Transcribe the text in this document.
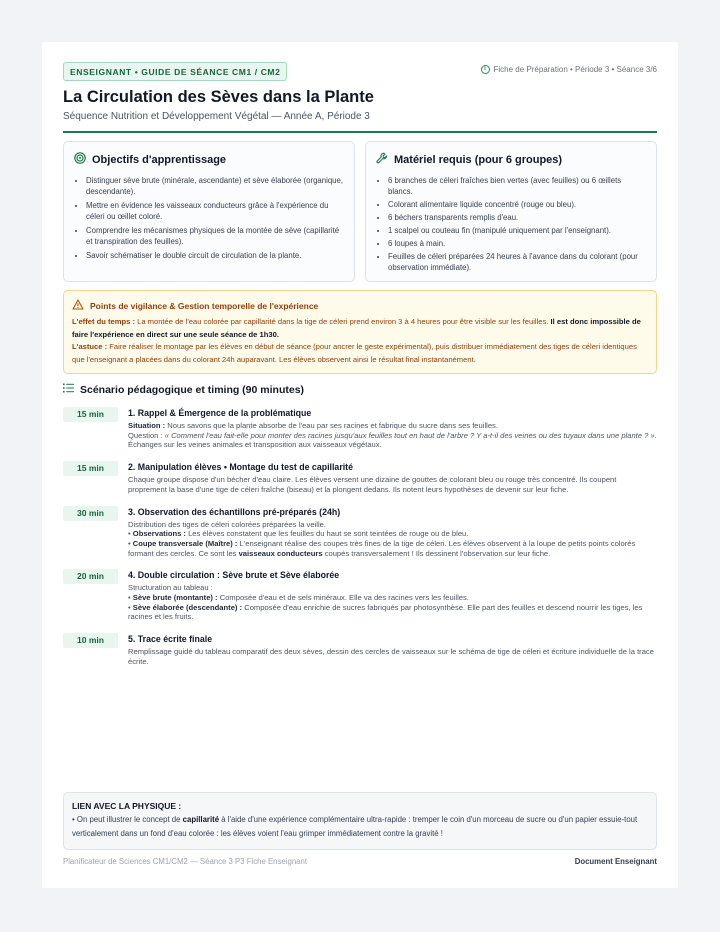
ENSEIGNANT • GUIDE DE SÉANCE CM1 / CM2	i Fiche de Préparation • Période 3 • Séance 3/6
La Circulation des Sèves dans la Plante
Séquence Nutrition et Développement Végétal — Année A, Période 3
Objectifs d'apprentissage
• Distinguer sève brute (minérale, ascendante) et sève élaborée (organique, descendante).
• Mettre en évidence les vaisseaux conducteurs grâce à l'expérience du céleri ou œillet coloré.
• Comprendre les mécanismes physiques de la montée de sève (capillarité et transpiration des feuilles).
• Savoir schématiser le double circuit de circulation de la plante.
Matériel requis (pour 6 groupes)
• 6 branches de céleri fraîches bien vertes (avec feuilles) ou 6 œillets blancs.
• Colorant alimentaire liquide concentré (rouge ou bleu).
• 6 béchers transparents remplis d'eau.
• 1 scalpel ou couteau fin (manipulé uniquement par l'enseignant).
• 6 loupes à main.
• Feuilles de céleri préparées 24 heures à l'avance dans du colorant (pour observation immédiate).
Points de vigilance & Gestion temporelle de l'expérience

L'effet du temps : La montée de l'eau colorée par capillarité dans la tige de céleri prend environ 3 à 4 heures pour être visible sur les feuilles. Il est donc impossible de faire l'expérience en direct sur une seule séance de 1h30.

L'astuce : Faire réaliser le montage par les élèves en début de séance (pour ancrer le geste expérimental), puis distribuer immédiatement des tiges de céleri identiques que l'enseignant a placées dans du colorant 24h auparavant. Les élèves observent ainsi le résultat final instantanément.

Scénario pédagogique et timing (90 minutes)
15 min	1. Rappel & Émergence de la problématique
Situation : Nous savons que la plante absorbe de l'eau par ses racines et fabrique du sucre dans ses feuilles.
Question : « Comment l'eau fait-elle pour monter des racines jusqu'aux feuilles tout en haut de l'arbre ? Y a-t-il des veines ou des tuyaux dans une plante ? ».
Échanges sur les veines animales et transposition aux vaisseaux végétaux.
15 min	2. Manipulation élèves • Montage du test de capillarité
Chaque groupe dispose d'un bécher d'eau claire. Les élèves versent une dizaine de gouttes de colorant bleu ou rouge très concentré. Ils coupent proprement la base d'une tige de céleri fraîche (biseau) et la plongent dedans. Ils notent leurs hypothèses de devenir sur leur fiche.
30 min	3. Observation des échantillons pré-préparés (24h)
Distribution des tiges de céleri colorées préparées la veille.
• Observations : Les élèves constatent que les feuilles du haut se sont teintées de rouge ou de bleu.
• Coupe transversale (Maître) : L'enseignant réalise des coupes très fines de la tige de céleri. Les élèves observent à la loupe de petits points colorés formant des cercles. Ce sont les vaisseaux conducteurs coupés transversalement ! Ils dessinent l'observation sur leur fiche.
20 min	4. Double circulation : Sève brute et Sève élaborée
Structuration au tableau :
• Sève brute (montante) : Composée d'eau et de sels minéraux. Elle va des racines vers les feuilles.
• Sève élaborée (descendante) : Composée d'eau enrichie de sucres fabriqués par photosynthèse. Elle part des feuilles et descend nourrir les tiges, les racines et les fruits.
10 min	5. Trace écrite finale
Remplissage guidé du tableau comparatif des deux sèves, dessin des cercles de vaisseaux sur le schéma de tige de céleri et écriture individuelle de la trace écrite.
LIEN AVEC LA PHYSIQUE :

• On peut illustrer le concept de capillarité à l'aide d'une expérience complémentaire ultra-rapide : tremper le coin d'un morceau de sucre ou d'un papier essuie-tout verticalement dans un fond d'eau colorée : les élèves voient l'eau grimper immédiatement contre la gravité !

Planificateur de Sciences CM1/CM2 — Séance 3 P3 Fiche Enseignant	Document Enseignant
